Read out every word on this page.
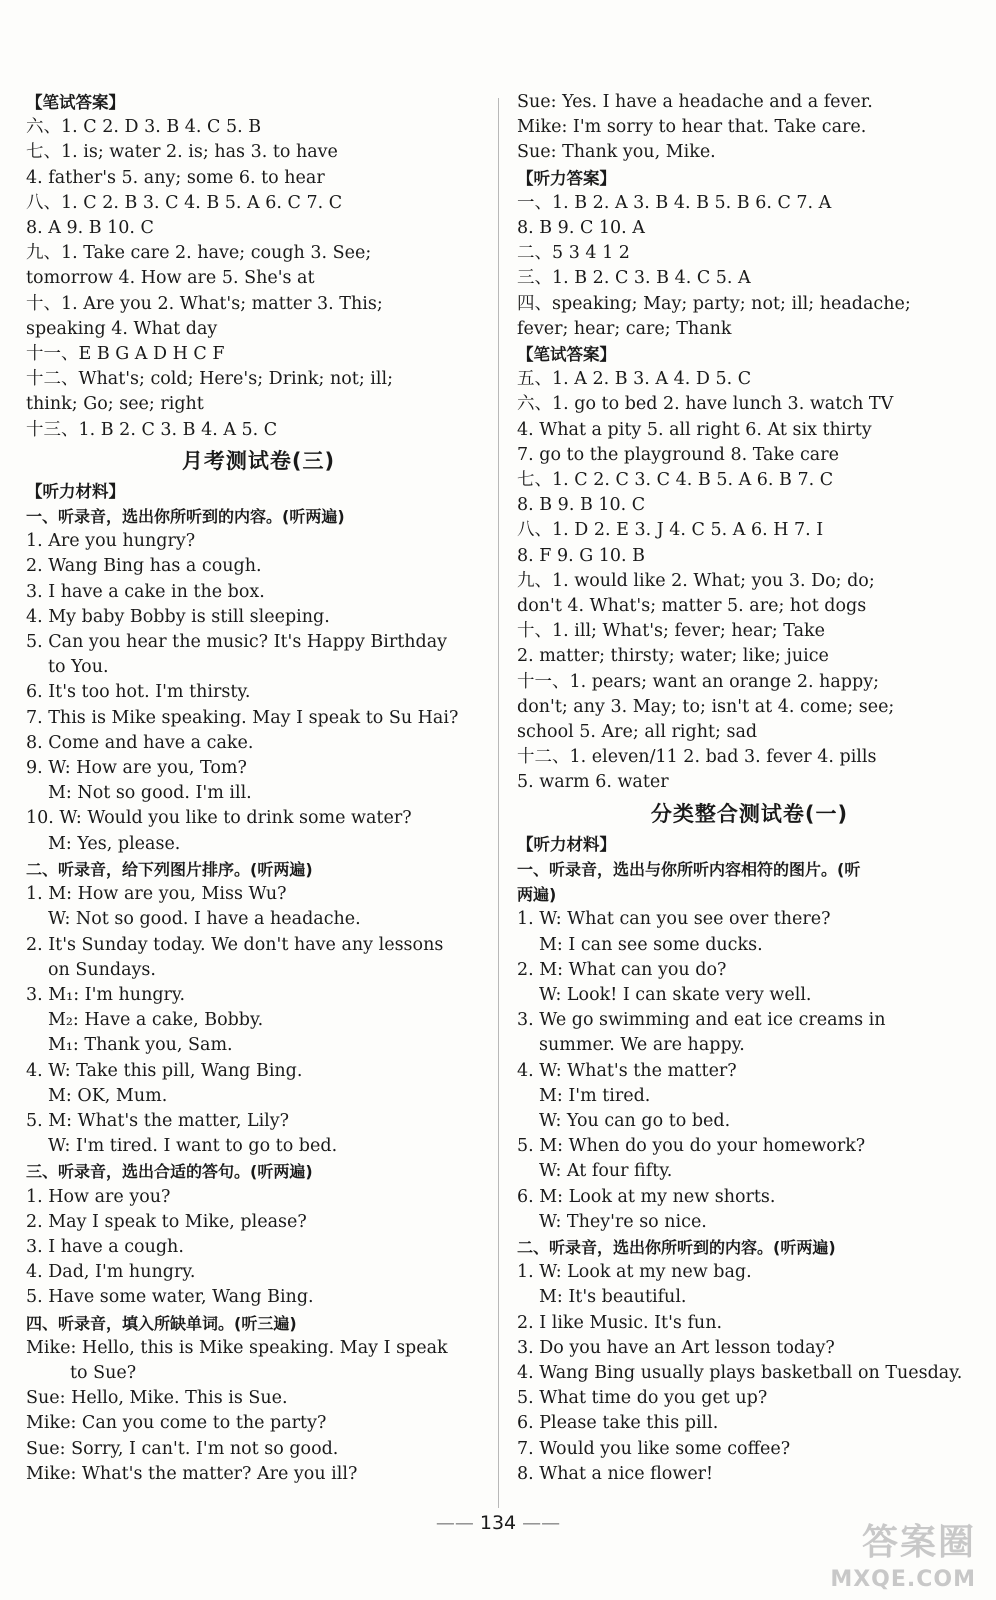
【笔试答案】
六、1. C 2. D 3. B 4. C 5. B
七、1. is; water 2. is; has 3. to have
4. father's 5. any; some 6. to hear
八、1. C 2. B 3. C 4. B 5. A 6. C 7. C
8. A 9. B 10. C
九、1. Take care 2. have; cough 3. See;
tomorrow 4. How are 5. She's at
十、1. Are you 2. What's; matter 3. This;
speaking 4. What day
十一、E B G A D H C F
十二、What's; cold; Here's; Drink; not; ill;
think; Go; see; right
十三、1. B 2. C 3. B 4. A 5. C
月考测试卷(三)
【听力材料】
一、听录音，选出你所听到的内容。(听两遍)
1. Are you hungry?
2. Wang Bing has a cough.
3. I have a cake in the box.
4. My baby Bobby is still sleeping.
5. Can you hear the music? It's Happy Birthday
to You.
6. It's too hot. I'm thirsty.
7. This is Mike speaking. May I speak to Su Hai?
8. Come and have a cake.
9. W: How are you, Tom?
M: Not so good. I'm ill.
10. W: Would you like to drink some water?
M: Yes, please.
二、听录音，给下列图片排序。(听两遍)
1. M: How are you, Miss Wu?
W: Not so good. I have a headache.
2. It's Sunday today. We don't have any lessons
on Sundays.
3. M₁: I'm hungry.
M₂: Have a cake, Bobby.
M₁: Thank you, Sam.
4. W: Take this pill, Wang Bing.
M: OK, Mum.
5. M: What's the matter, Lily?
W: I'm tired. I want to go to bed.
三、听录音，选出合适的答句。(听两遍)
1. How are you?
2. May I speak to Mike, please?
3. I have a cough.
4. Dad, I'm hungry.
5. Have some water, Wang Bing.
四、听录音，填入所缺单词。(听三遍)
Mike: Hello, this is Mike speaking. May I speak
to Sue?
Sue: Hello, Mike. This is Sue.
Mike: Can you come to the party?
Sue: Sorry, I can't. I'm not so good.
Mike: What's the matter? Are you ill?
Sue: Yes. I have a headache and a fever.
Mike: I'm sorry to hear that. Take care.
Sue: Thank you, Mike.
【听力答案】
一、1. B 2. A 3. B 4. B 5. B 6. C 7. A
8. B 9. C 10. A
二、5 3 4 1 2
三、1. B 2. C 3. B 4. C 5. A
四、speaking; May; party; not; ill; headache;
fever; hear; care; Thank
【笔试答案】
五、1. A 2. B 3. A 4. D 5. C
六、1. go to bed 2. have lunch 3. watch TV
4. What a pity 5. all right 6. At six thirty
7. go to the playground 8. Take care
七、1. C 2. C 3. C 4. B 5. A 6. B 7. C
8. B 9. B 10. C
八、1. D 2. E 3. J 4. C 5. A 6. H 7. I
8. F 9. G 10. B
九、1. would like 2. What; you 3. Do; do;
don't 4. What's; matter 5. are; hot dogs
十、1. ill; What's; fever; hear; Take
2. matter; thirsty; water; like; juice
十一、1. pears; want an orange 2. happy;
don't; any 3. May; to; isn't at 4. come; see;
school 5. Are; all right; sad
十二、1. eleven/11 2. bad 3. fever 4. pills
5. warm 6. water
分类整合测试卷(一)
【听力材料】
一、听录音，选出与你所听内容相符的图片。(听
两遍)
1. W: What can you see over there?
M: I can see some ducks.
2. M: What can you do?
W: Look! I can skate very well.
3. We go swimming and eat ice creams in
summer. We are happy.
4. W: What's the matter?
M: I'm tired.
W: You can go to bed.
5. M: When do you do your homework?
W: At four fifty.
6. M: Look at my new shorts.
W: They're so nice.
二、听录音，选出你所听到的内容。(听两遍)
1. W: Look at my new bag.
M: It's beautiful.
2. I like Music. It's fun.
3. Do you have an Art lesson today?
4. Wang Bing usually plays basketball on Tuesday.
5. What time do you get up?
6. Please take this pill.
7. Would you like some coffee?
8. What a nice flower!
—— 134 ——	答案圈
MXQE.COM
